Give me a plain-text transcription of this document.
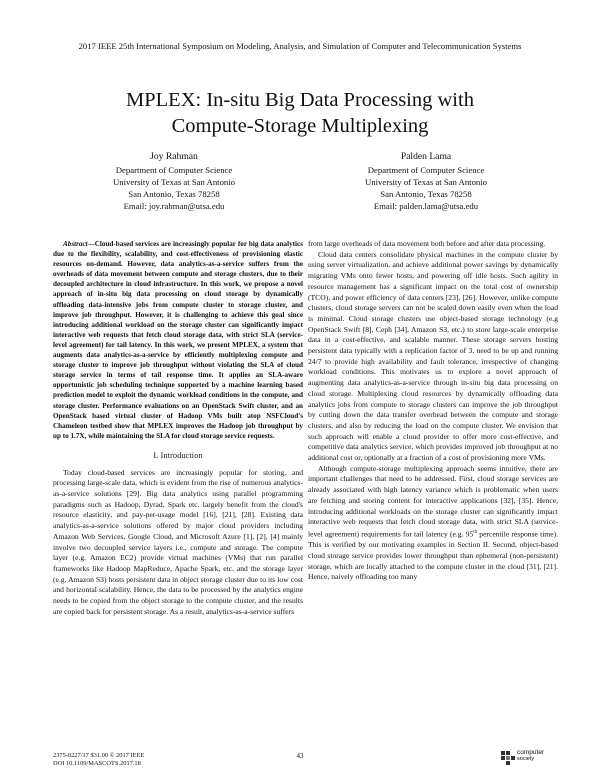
2017 IEEE 25th International Symposium on Modeling, Analysis, and Simulation of Computer and Telecommunication Systems
MPLEX: In-situ Big Data Processing with
Compute-Storage Multiplexing
Joy Rahman
Department of Computer Science
University of Texas at San Antonio
San Antonio, Texas 78258
Email: joy.rahman@utsa.edu
Palden Lama
Department of Computer Science
University of Texas at San Antonio
San Antonio, Texas 78258
Email: palden.lama@utsa.edu

Abstract—Cloud-based services are increasingly popular for big data analytics due to the flexibility, scalability, and cost-effectiveness of provisioning elastic resources on-demand. However, data analytics-as-a-service suffers from the overheads of data movement between compute and storage clusters, due to their decoupled architecture in cloud infrastructure. In this work, we propose a novel approach of in-situ big data processing on cloud storage by dynamically offloading data-intensive jobs from compute cluster to storage cluster, and improve job throughput. However, it is challenging to achieve this goal since introducing additional workload on the storage cluster can significantly impact interactive web requests that fetch cloud storage data, with strict SLA (service-level agreement) for tail latency. In this work, we present MPLEX, a system that augments data analytics-as-a-service by efficiently multiplexing compute and storage cluster to improve job throughput without violating the SLA of cloud storage service in terms of tail response time. It applies an SLA-aware opportunistic job scheduling technique supported by a machine learning based prediction model to exploit the dynamic workload conditions in the compute, and storage cluster. Performance evaluations on an OpenStack Swift cluster, and an OpenStack based virtual cluster of Hadoop VMs built atop NSFCloud's Chameleon testbed show that MPLEX improves the Hadoop job throughput by up to 1.7X, while maintaining the SLA for cloud storage service requests.

I. Introduction

Today cloud-based services are increasingly popular for storing, and processing large-scale data, which is evident from the rise of numerous analytics-as-a-service solutions [29]. Big data analytics using parallel programming paradigms such as Hadoop, Dyrad, Spark etc. largely benefit from the cloud's resource elasticity, and pay-per-usage model [16], [21], [28]. Existing data analytics-as-a-service solutions offered by major cloud providers including Amazon Web Services, Google Cloud, and Microsoft Azure [1], [2], [4] mainly involve two decoupled service layers i.e., compute and storage. The compute layer (e.g. Amazon EC2) provide virtual machines (VMs) that run parallel frameworks like Hadoop MapReduce, Apache Spark, etc. and the storage layer (e.g. Amazon S3) hosts persistent data in object storage cluster due to its low cost and horizontal scalability. Hence, the data to be processed by the analytics engine needs to be copied from the object storage to the compute cluster, and the results are copied back for persistent storage. As a result, analytics-as-a-service suffers

from large overheads of data movement both before and after data processing.

Cloud data centers consolidate physical machines in the compute cluster by using server virtualization, and achieve additional power savings by dynamically migrating VMs onto fewer hosts, and powering off idle hosts. Such agility in resource management has a significant impact on the total cost of ownership (TCO), and power efficiency of data centers [23], [26]. However, unlike compute clusters, cloud storage servers can not be scaled down easily even when the load is minimal. Cloud storage clusters use object-based storage technology (e.g OpenStack Swift [8], Ceph [34], Amazon S3, etc.) to store large-scale enterprise data in a cost-effective, and scalable manner. These storage servers hosting persistent data typically with a replication factor of 3, need to be up and running 24/7 to provide high availability and fault tolerance, irrespective of changing workload conditions. This motivates us to explore a novel approach of augmenting data analytics-as-a-service through in-situ big data processing on cloud storage. Multiplexing cloud resources by dynamically offloading data analytics jobs from compute to storage clusters can improve the job throughput by cutting down the data transfer overhead between the compute and storage clusters, and also by reducing the load on the compute cluster. We envision that such approach will enable a cloud provider to offer more cost-effective, and competitive data analytics service, which provides improved job throughput at no additional cost or, optionally at a fraction of a cost of provisioning more VMs.

Although compute-storage multiplexing approach seems intuitive, there are important challenges that need to be addressed. First, cloud storage services are already associated with high latency variance which is problematic when users are fetching and storing content for interactive applications [32], [35]. Hence, introducing additional workloads on the storage cluster can significantly impact interactive web requests that fetch cloud storage data, with strict SLA (service-level agreement) requirements for tail latency (e.g. 95th percentile response time). This is verified by our motivating examples in Section II. Second, object-based cloud storage service provides lower throughput than ephemeral (non-persistent) storage, which are locally attached to the compute cluster in the cloud [31], [21]. Hence, naively offloading too many

2375-0227/17 $31.00 © 2017 IEEE
DOI 10.1109/MASCOTS.2017.18
43	computer
society
